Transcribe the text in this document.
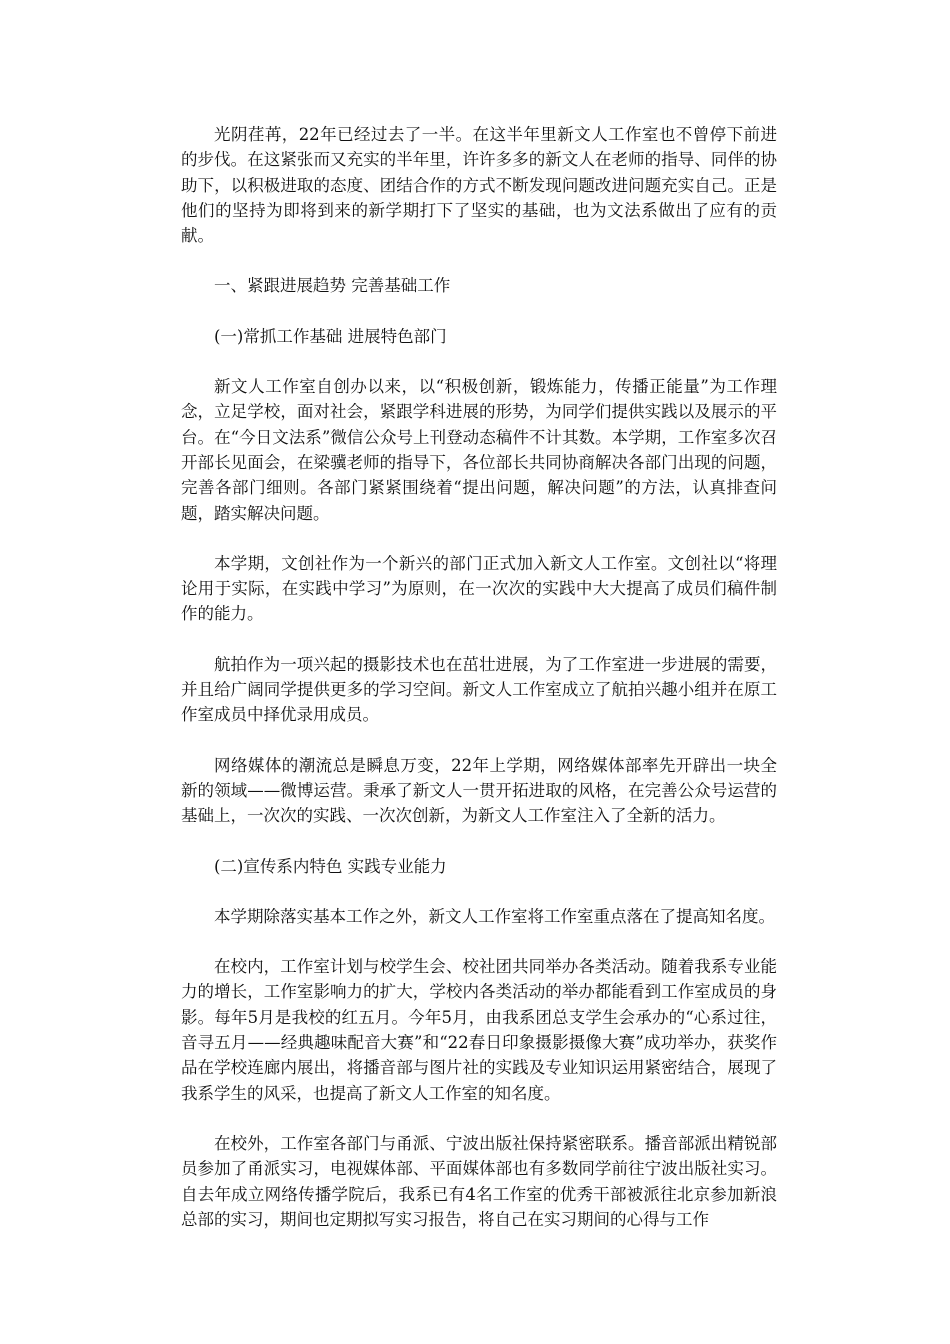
光阴荏苒，22年已经过去了一半。在这半年里新文人工作室也不曾停下前进的步伐。在这紧张而又充实的半年里，许许多多的新文人在老师的指导、同伴的协助下，以积极进取的态度、团结合作的方式不断发现问题改进问题充实自己。正是他们的坚持为即将到来的新学期打下了坚实的基础，也为文法系做出了应有的贡献。

一、紧跟进展趋势 完善基础工作

(一)常抓工作基础 进展特色部门

新文人工作室自创办以来，以“积极创新，锻炼能力，传播正能量”为工作理念，立足学校，面对社会，紧跟学科进展的形势，为同学们提供实践以及展示的平台。在“今日文法系”微信公众号上刊登动态稿件不计其数。本学期，工作室多次召开部长见面会，在梁骥老师的指导下，各位部长共同协商解决各部门出现的问题，完善各部门细则。各部门紧紧围绕着“提出问题，解决问题”的方法，认真排查问题，踏实解决问题。

本学期，文创社作为一个新兴的部门正式加入新文人工作室。文创社以“将理论用于实际，在实践中学习”为原则，在一次次的实践中大大提高了成员们稿件制作的能力。

航拍作为一项兴起的摄影技术也在茁壮进展，为了工作室进一步进展的需要，并且给广阔同学提供更多的学习空间。新文人工作室成立了航拍兴趣小组并在原工作室成员中择优录用成员。

网络媒体的潮流总是瞬息万变，22年上学期，网络媒体部率先开辟出一块全新的领域——微博运营。秉承了新文人一贯开拓进取的风格，在完善公众号运营的基础上，一次次的实践、一次次创新，为新文人工作室注入了全新的活力。

(二)宣传系内特色 实践专业能力

本学期除落实基本工作之外，新文人工作室将工作室重点落在了提高知名度。

在校内，工作室计划与校学生会、校社团共同举办各类活动。随着我系专业能力的增长，工作室影响力的扩大，学校内各类活动的举办都能看到工作室成员的身影。每年5月是我校的红五月。今年5月，由我系团总支学生会承办的“心系过往，音寻五月——经典趣味配音大赛”和“22春日印象摄影摄像大赛”成功举办，获奖作品在学校连廊内展出，将播音部与图片社的实践及专业知识运用紧密结合，展现了我系学生的风采，也提高了新文人工作室的知名度。

在校外，工作室各部门与甬派、宁波出版社保持紧密联系。播音部派出精锐部员参加了甬派实习，电视媒体部、平面媒体部也有多数同学前往宁波出版社实习。自去年成立网络传播学院后，我系已有4名工作室的优秀干部被派往北京参加新浪总部的实习，期间也定期拟写实习报告，将自己在实习期间的心得与工作
